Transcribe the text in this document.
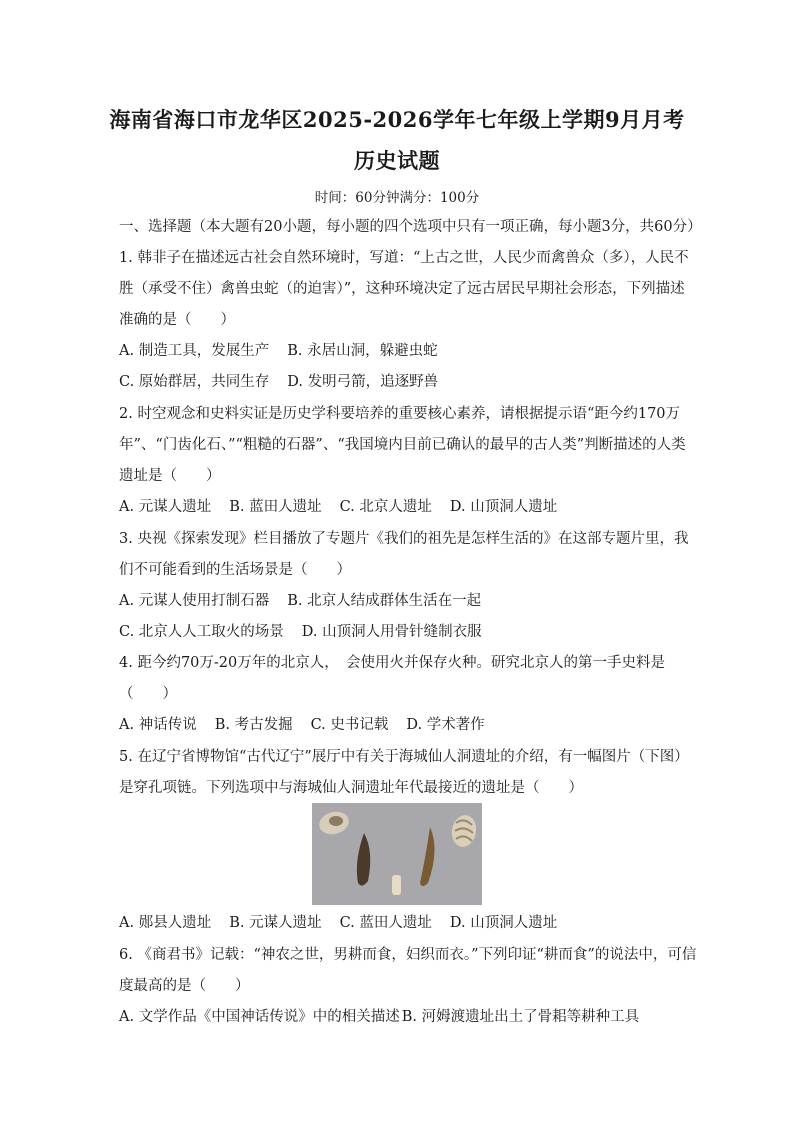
海南省海口市龙华区2025-2026学年七年级上学期9月月考
历史试题
时间：60分钟满分：100分
一、选择题（本大题有20小题，每小题的四个选项中只有一项正确，每小题3分，共60分）
1. 韩非子在描述远古社会自然环境时，写道：“上古之世，人民少而禽兽众（多），人民不
胜（承受不住）禽兽虫蛇（的迫害）”，这种环境决定了远古居民早期社会形态，下列描述
准确的是（　　）
A. 制造工具，发展生产 B. 永居山洞，躲避虫蛇
C. 原始群居，共同生存 D. 发明弓箭，追逐野兽
2. 时空观念和史料实证是历史学科要培养的重要核心素养，请根据提示语“距今约170万
年”、“门齿化石、”“粗糙的石器”、“我国境内目前已确认的最早的古人类”判断描述的人类
遗址是（　　）
A. 元谋人遗址 B. 蓝田人遗址 C. 北京人遗址 D. 山顶洞人遗址
3. 央视《探索发现》栏目播放了专题片《我们的祖先是怎样生活的》在这部专题片里，我
们不可能看到的生活场景是（　　）
A. 元谋人使用打制石器 B. 北京人结成群体生活在一起
C. 北京人人工取火的场景 D. 山顶洞人用骨针缝制衣服
4. 距今约70万-20万年的北京人，　会使用火并保存火种。研究北京人的第一手史料是
（　　）
A. 神话传说 B. 考古发掘 C. 史书记载 D. 学术著作
5. 在辽宁省博物馆“古代辽宁”展厅中有关于海城仙人洞遗址的介绍，有一幅图片（下图）
是穿孔项链。下列选项中与海城仙人洞遗址年代最接近的遗址是（　　）
A. 郧县人遗址 B. 元谋人遗址 C. 蓝田人遗址 D. 山顶洞人遗址
6. 《商君书》记载：“神农之世，男耕而食，妇织而衣。”下列印证“耕而食”的说法中，可信
度最高的是（　　）
A. 文学作品《中国神话传说》中的相关描述 B. 河姆渡遗址出土了骨耜等耕种工具
